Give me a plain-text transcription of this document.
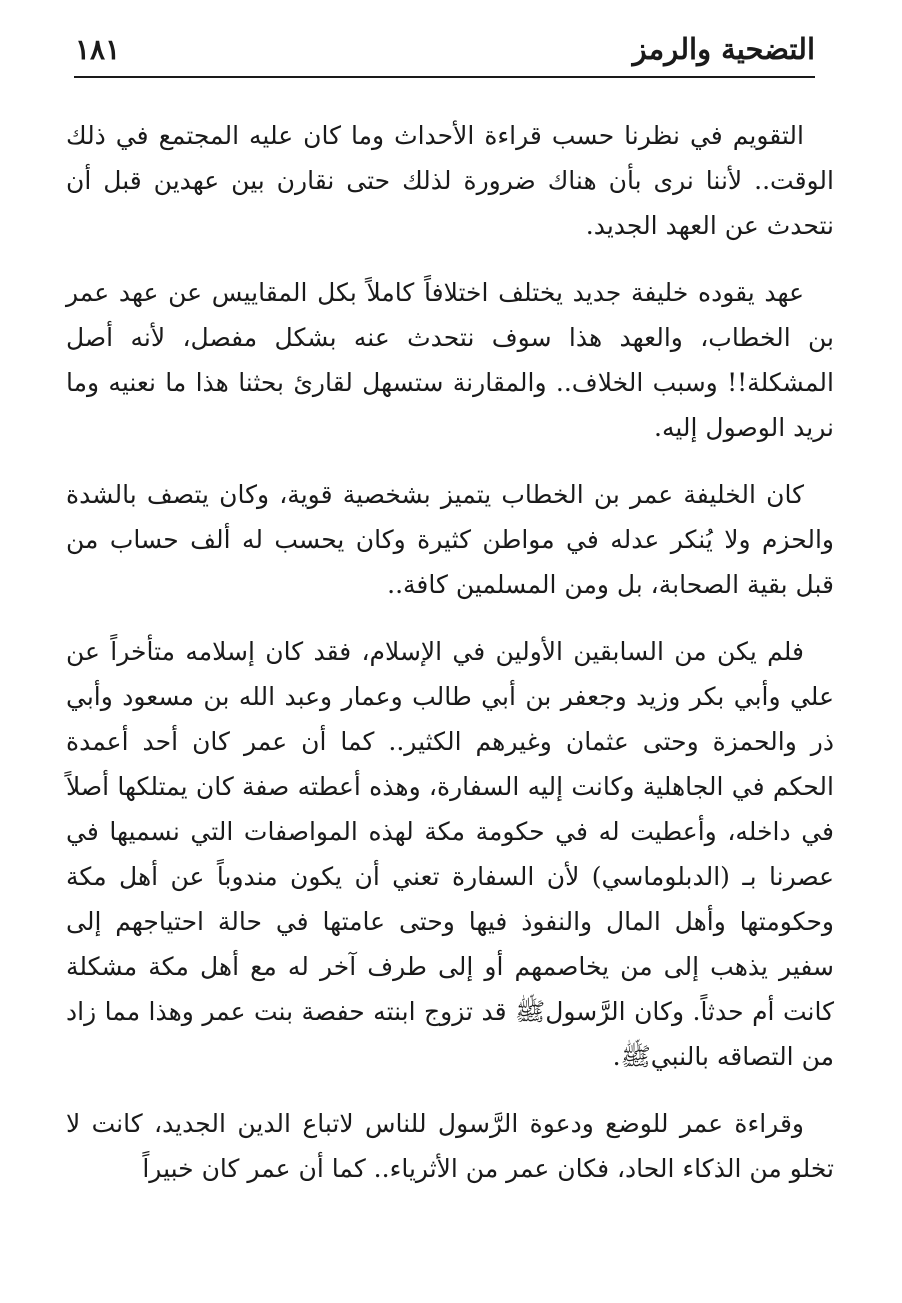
التضحية والرمز
١٨١

التقويم في نظرنا حسب قراءة الأحداث وما كان عليه المجتمع في ذلك الوقت.. لأننا نرى بأن هناك ضرورة لذلك حتى نقارن بين عهدين قبل أن نتحدث عن العهد الجديد.

عهد يقوده خليفة جديد يختلف اختلافاً كاملاً بكل المقاييس عن عهد عمر بن الخطاب، والعهد هذا سوف نتحدث عنه بشكل مفصل، لأنه أصل المشكلة!! وسبب الخلاف.. والمقارنة ستسهل لقارئ بحثنا هذا ما نعنيه وما نريد الوصول إليه.

كان الخليفة عمر بن الخطاب يتميز بشخصية قوية، وكان يتصف بالشدة والحزم ولا يُنكر عدله في مواطن كثيرة وكان يحسب له ألف حساب من قبل بقية الصحابة، بل ومن المسلمين كافة..

فلم يكن من السابقين الأولين في الإسلام، فقد كان إسلامه متأخراً عن علي وأبي بكر وزيد وجعفر بن أبي طالب وعمار وعبد الله بن مسعود وأبي ذر والحمزة وحتى عثمان وغيرهم الكثير.. كما أن عمر كان أحد أعمدة الحكم في الجاهلية وكانت إليه السفارة، وهذه أعطته صفة كان يمتلكها أصلاً في داخله، وأعطيت له في حكومة مكة لهذه المواصفات التي نسميها في عصرنا بـ (الدبلوماسي) لأن السفارة تعني أن يكون مندوباً عن أهل مكة وحكومتها وأهل المال والنفوذ فيها وحتى عامتها في حالة احتياجهم إلى سفير يذهب إلى من يخاصمهم أو إلى طرف آخر له مع أهل مكة مشكلة كانت أم حدثاً. وكان الرَّسولﷺ قد تزوج ابنته حفصة بنت عمر وهذا مما زاد من التصاقه بالنبيﷺ.

وقراءة عمر للوضع ودعوة الرَّسول للناس لاتباع الدين الجديد، كانت لا تخلو من الذكاء الحاد، فكان عمر من الأثرياء.. كما أن عمر كان خبيراً
